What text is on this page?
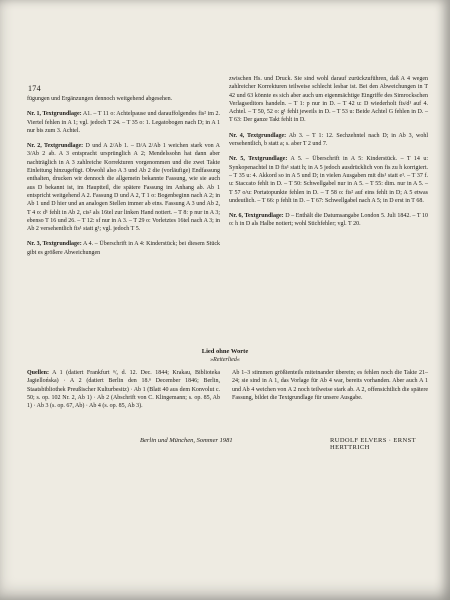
174

fügungen und Ergänzungen dennoch weitgehend abgesehen.

Nr. 1, Textgrundlage: A1. – T 11 o: Achtelpause und darauffolgendes fis² im 2. Viertel fehlen in A 1; vgl. jedoch T 24. – T 35 o: 1. Legatobogen nach D; in A 1 nur bis zum 3. Achtel.

Nr. 2, Textgrundlage: D und A 2/Ab 1. – D/A 2/Ab 1 weichen stark von A 3/Ab 2 ab. A 3 entspracht ursprünglich A 2; Mendelssohn hat dann aber nachträglich in A 3 zahlreiche Korrekturen vorgenommen und die zwei Takte Einleitung hinzugefügt. Obwohl also A 3 und Ab 2 die (vorläufige) Endfassung enthalten, drucken wir dennoch die allgemein bekannte Fassung, wie sie auch aus D bekannt ist, im Hauptteil, die spätere Fassung im Anhang ab. Ab 1 entspricht weitgehend A 2. Fassung D und A 2, T 1 o: Bogenbeginn nach A 2; in Ab 1 und D hier und an analogen Stellen immer ab eins. Fassung A 3 und Ab 2, T 4 o: d¹ fehlt in Ab 2, cis² als 16tel zur linken Hand notiert. – T 8: p nur in A 3; ebenso T 16 und 26. – T 12: sf nur in A 3. – T 29 o: Vorletztes 16tel nach A 3; in Ab 2 versehentlich fis¹ statt g¹; vgl. jedoch T 5.

Nr. 3, Textgrundlage: A 4. – Überschrift in A 4: Kinderstück; bei diesem Stück gibt es größere Abweichungen

zwischen Hs. und Druck. Sie sind wohl darauf zurückzuführen, daß A 4 wegen zahlreicher Korrekturen teilweise schlecht lesbar ist. Bei den Abweichungen in T 42 und 63 könnte es sich aber auch um eigenmächtige Eingriffe des Simrockschen Verlagseditors handeln. – T 1: p nur in D. – T 42 u: D wiederholt fis/d¹ auf 4. Achtel. – T 50, 52 o: g¹ fehlt jeweils in D. – T 53 u: Beide Achtel G fehlen in D. – T 63: Der ganze Takt fehlt in D.

Nr. 4, Textgrundlage: Ab 3. – T 1: 12. Sechzehntel nach D; in Ab 3, wohl versehentlich, b statt a; s. aber T 2 und 7.

Nr. 5, Textgrundlage: A 5. – Überschrift in A 5: Kinderstück. – T 14 u: Synkopenachtel in D fis¹ statt h; in A 5 jedoch ausdrücklich von fis zu h korrigiert. – T 35 u: 4. Akkord so in A 5 und D; in vielen Ausgaben mit dis¹ statt e¹. – T 37 f. u: Staccato fehlt in D. – T 50: Schwellgabel nur in A 5. – T 55: dim. nur in A 5. – T 57 o/u: Portatopunkte fehlen in D. – T 58 o: fis² auf eins fehlt in D; A 5 etwas undeutlich. – T 66: p fehlt in D. – T 67: Schwellgabel nach A 5; in D erst in T 68.

Nr. 6, Textgrundlage: D – Enthält die Datumsangabe London 5. Juli 1842. – T 10 o: h in D als Halbe notiert; wohl Stichfehler; vgl. T 20.

Lied ohne Worte
»Reiterlied«
Quellen: A 1 (datiert Frankfurt ⁿ/ₐ d. 12. Dec. 1844; Krakau, Biblioteka Jagiellońska) · A 2 (datiert Berlin den 18.ⁿ December 1846; Berlin, Staatsbibliothek Preußischer Kulturbesitz) · Ab 1 (Blatt 40 aus dem Konvolut c. 50; s. op. 102 Nr. 2, Ab 1) · Ab 2 (Abschrift von C. Klingemann; s. op. 85, Ab 1) · Ab 3 (s. op. 67, Ab) · Ab 4 (s. op. 85, Ab 3).
Ab 1–3 stimmen größtenteils miteinander überein; es fehlen noch die Takte 21–24; sie sind in A 1, das Vorlage für Ab 4 war, bereits vorhanden. Aber auch A 1 und Ab 4 weichen von A 2 noch teilweise stark ab. A 2, offensichtlich die spätere Fassung, bildet die Textgrundlage für unsere Ausgabe.
Berlin und München, Sommer 1981	RUDOLF ELVERS · ERNST HERTTRICH
